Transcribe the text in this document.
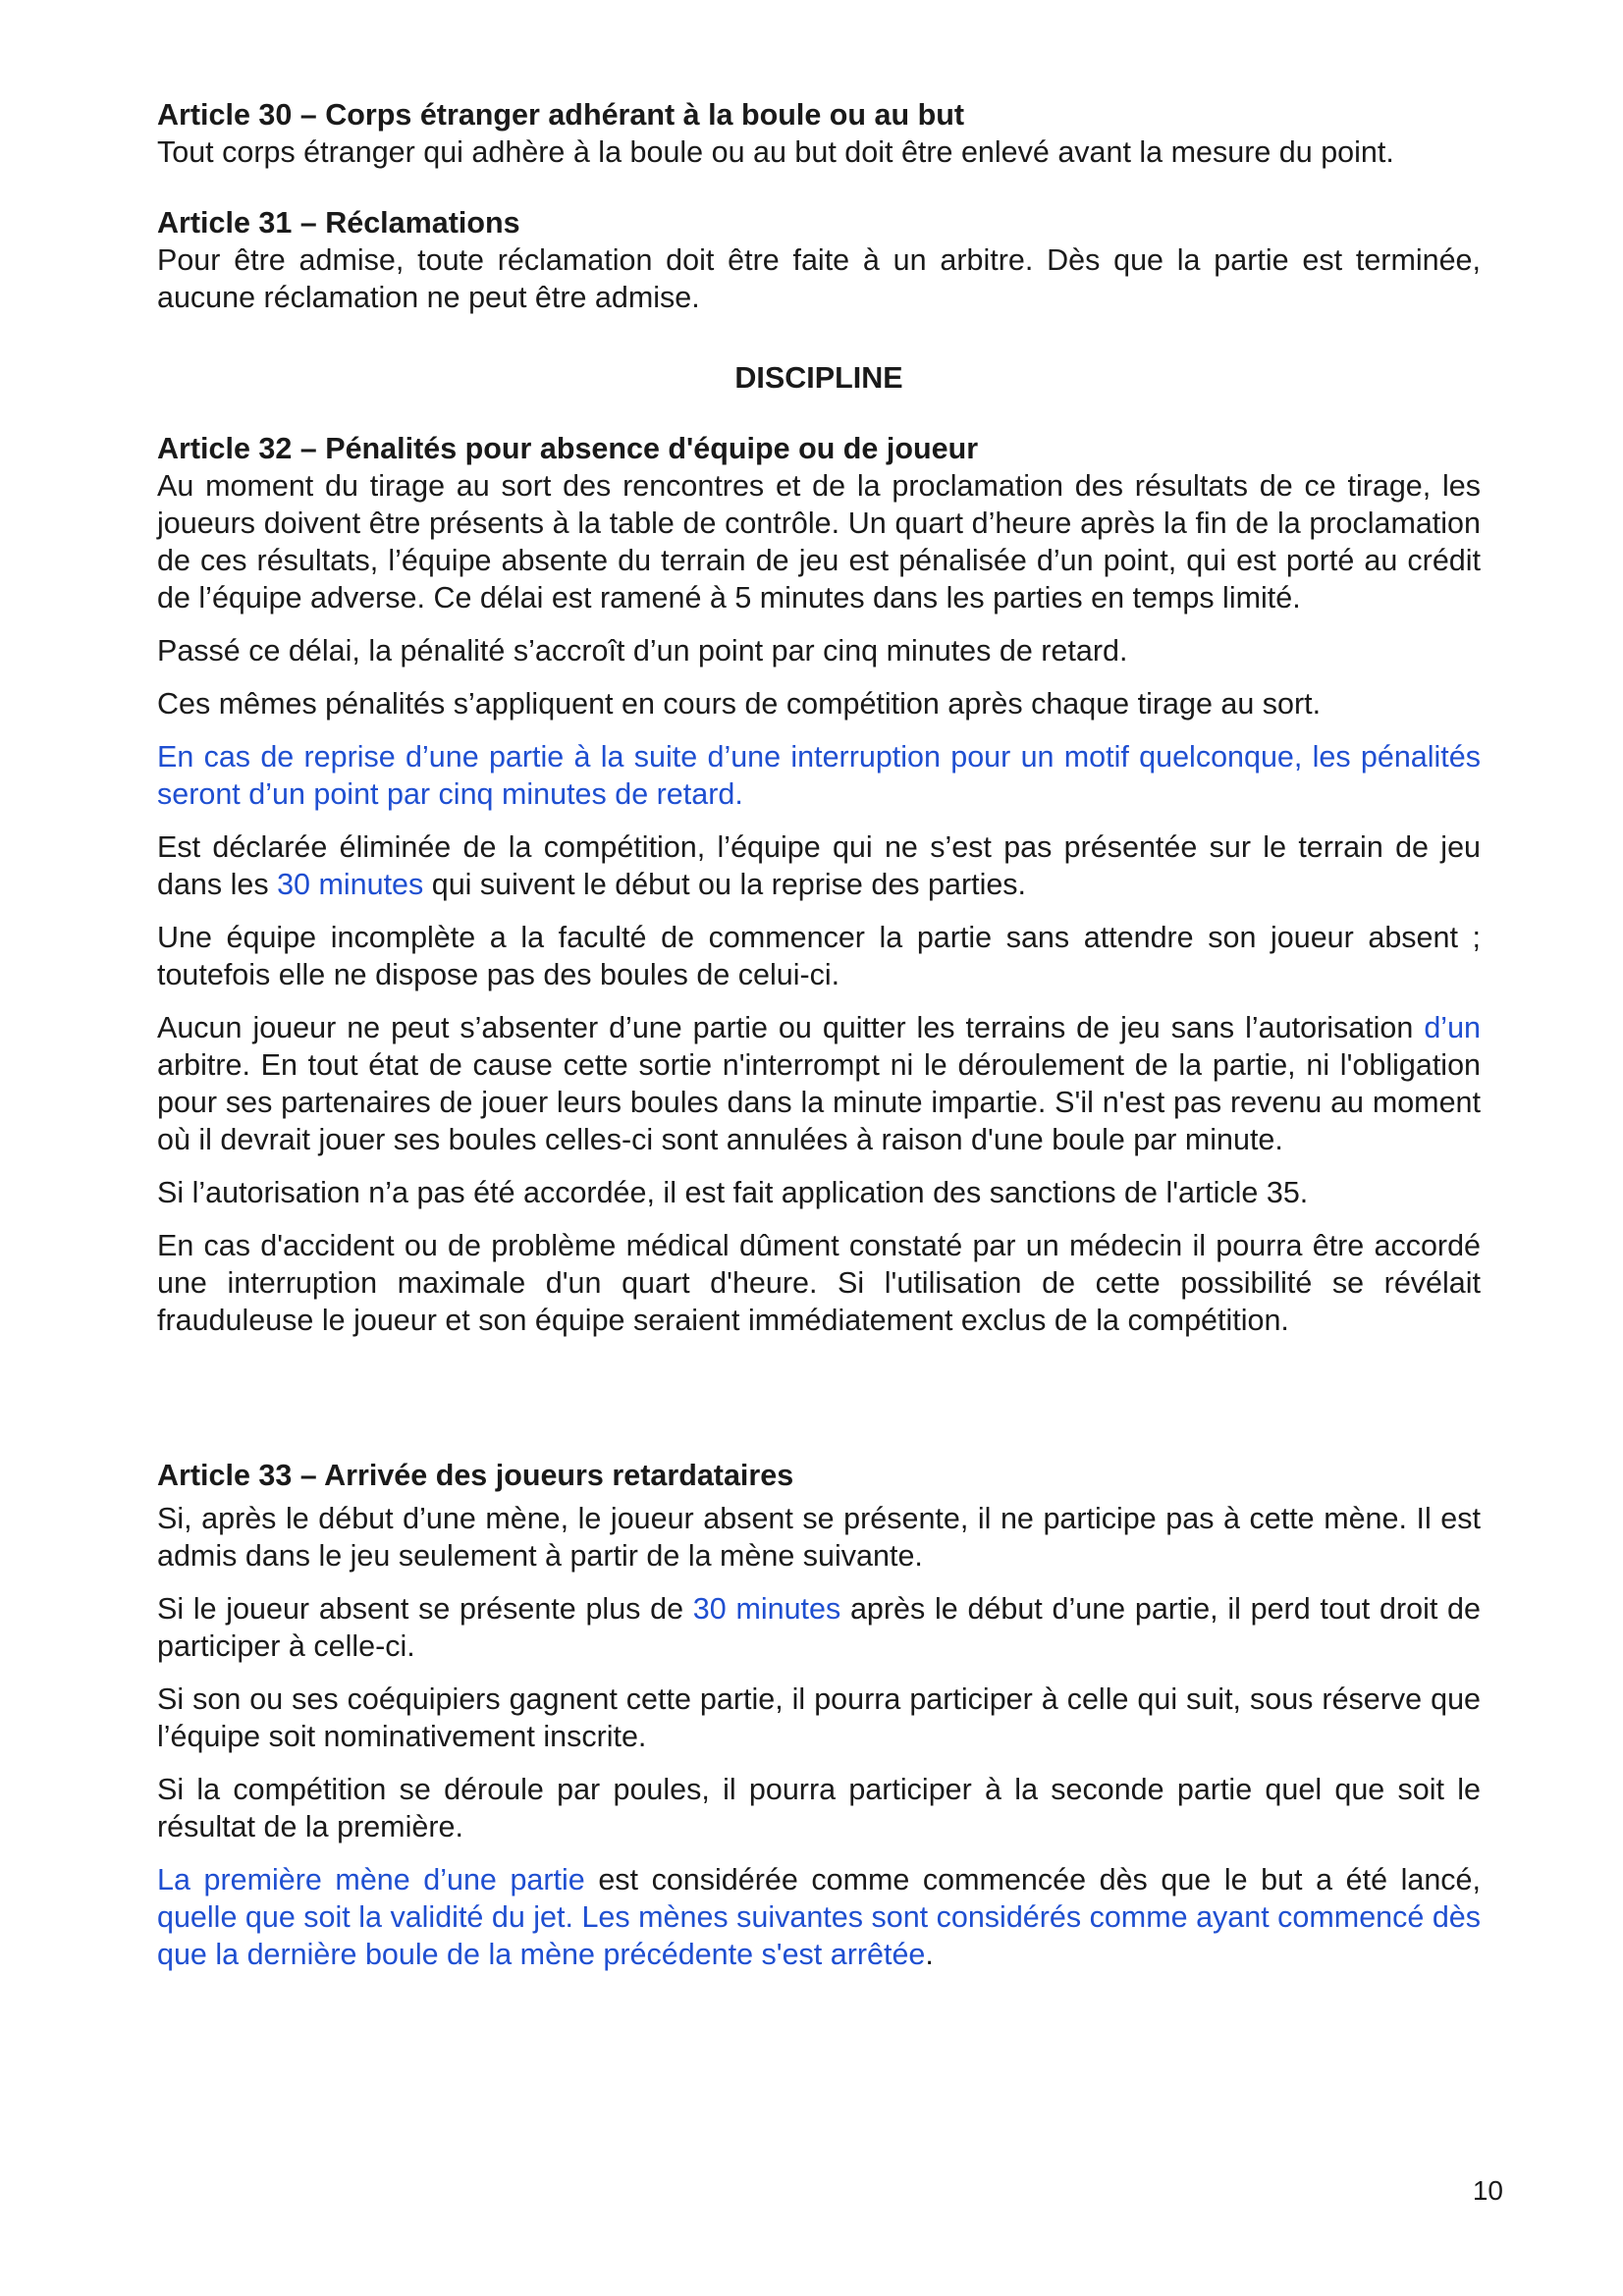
Article 30 – Corps étranger adhérant à la boule ou au but

Tout corps étranger qui adhère à la boule ou au but doit être enlevé avant la mesure du point.

Article 31 – Réclamations

Pour être admise, toute réclamation doit être faite à un arbitre. Dès que la partie est terminée, aucune réclamation ne peut être admise.

DISCIPLINE

Article 32 – Pénalités pour absence d'équipe ou de joueur

Au moment du tirage au sort des rencontres et de la proclamation des résultats de ce tirage, les joueurs doivent être présents à la table de contrôle. Un quart d’heure après la fin de la proclamation de ces résultats, l’équipe absente du terrain de jeu est pénalisée d’un point, qui est porté au crédit de l’équipe adverse. Ce délai est ramené à 5 minutes dans les parties en temps limité.

Passé ce délai, la pénalité s’accroît d’un point par cinq minutes de retard.

Ces mêmes pénalités s’appliquent en cours de compétition après chaque tirage au sort.

En cas de reprise d’une partie à la suite d’une interruption pour un motif quelconque, les pénalités seront d’un point par cinq minutes de retard.

Est déclarée éliminée de la compétition, l’équipe qui ne s’est pas présentée sur le terrain de jeu dans les 30 minutes qui suivent le début ou la reprise des parties.

Une équipe incomplète a la faculté de commencer la partie sans attendre son joueur absent ; toutefois elle ne dispose pas des boules de celui-ci.

Aucun joueur ne peut s’absenter d’une partie ou quitter les terrains de jeu sans l’autorisation d’un arbitre. En tout état de cause cette sortie n'interrompt ni le déroulement de la partie, ni l'obligation pour ses partenaires de jouer leurs boules dans la minute impartie. S'il n'est pas revenu au moment où il devrait jouer ses boules celles-ci sont annulées à raison d'une boule par minute.

Si l’autorisation n’a pas été accordée, il est fait application des sanctions de l'article 35.

En cas d'accident ou de problème médical dûment constaté par un médecin il pourra être accordé une interruption maximale d'un quart d'heure. Si l'utilisation de cette possibilité se révélait frauduleuse le joueur et son équipe seraient immédiatement exclus de la compétition.

Article 33 – Arrivée des joueurs retardataires

Si, après le début d’une mène, le joueur absent se présente, il ne participe pas à cette mène. Il est admis dans le jeu seulement à partir de la mène suivante.

Si le joueur absent se présente plus de 30 minutes après le début d’une partie, il perd tout droit de participer à celle-ci.

Si son ou ses coéquipiers gagnent cette partie, il pourra participer à celle qui suit, sous réserve que l’équipe soit nominativement inscrite.

Si la compétition se déroule par poules, il pourra participer à la seconde partie quel que soit le résultat de la première.

La première mène d’une partie est considérée comme commencée dès que le but a été lancé, quelle que soit la validité du jet. Les mènes suivantes sont considérés comme ayant commencé dès que la dernière boule de la mène précédente s'est arrêtée.

10
